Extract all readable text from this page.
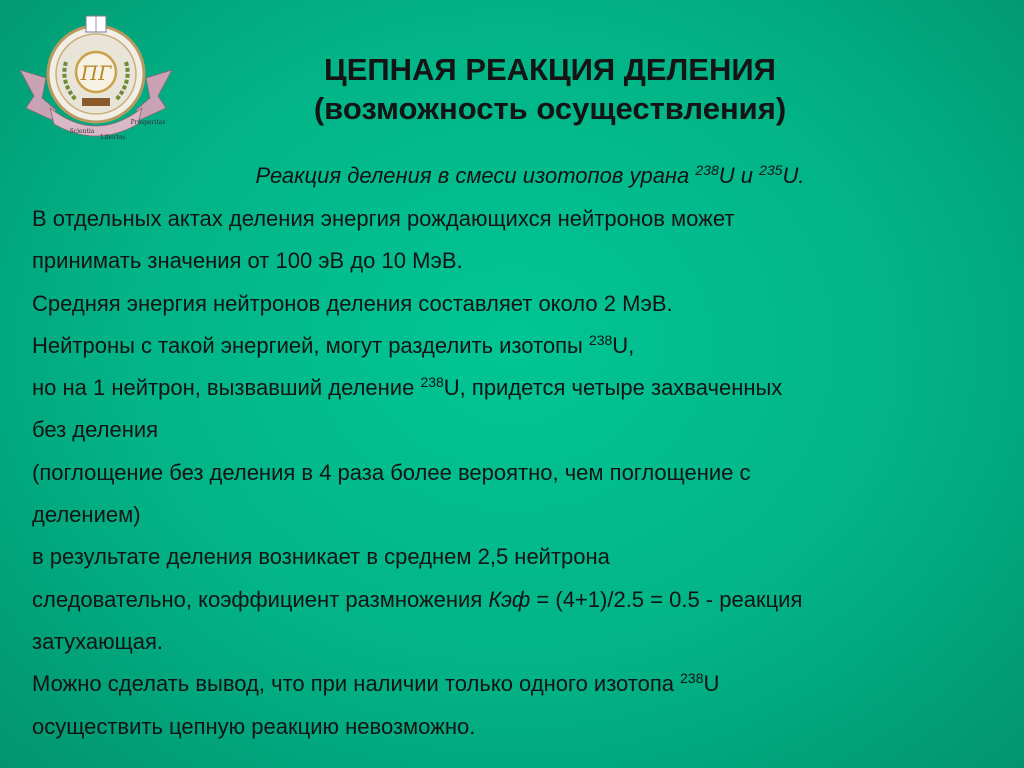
ПГ
Scientia
Prosperitas
Libertas
ЦЕПНАЯ РЕАКЦИЯ ДЕЛЕНИЯ
(возможность осуществления)
Реакция деления в смеси изотопов урана $^{238}$U и $^{235}$U.
В отдельных актах деления энергия рождающихся нейтронов может
принимать значения от 100 эВ до 10 МэВ.
Средняя энергия нейтронов деления составляет около 2 МэВ.
Нейтроны с такой энергией, могут разделить изотопы $^{238}$U,
но на 1 нейтрон, вызвавший деление $^{238}$U, придется четыре захваченных
без деления
(поглощение без деления в 4 раза более вероятно, чем поглощение с
делением)
в результате деления возникает в среднем 2,5 нейтрона
следовательно, коэффициент размножения Кэф = (4+1)/2.5 = 0.5 - реакция
затухающая.
Можно сделать вывод, что при наличии только одного изотопа $^{238}$U
осуществить цепную реакцию невозможно.
